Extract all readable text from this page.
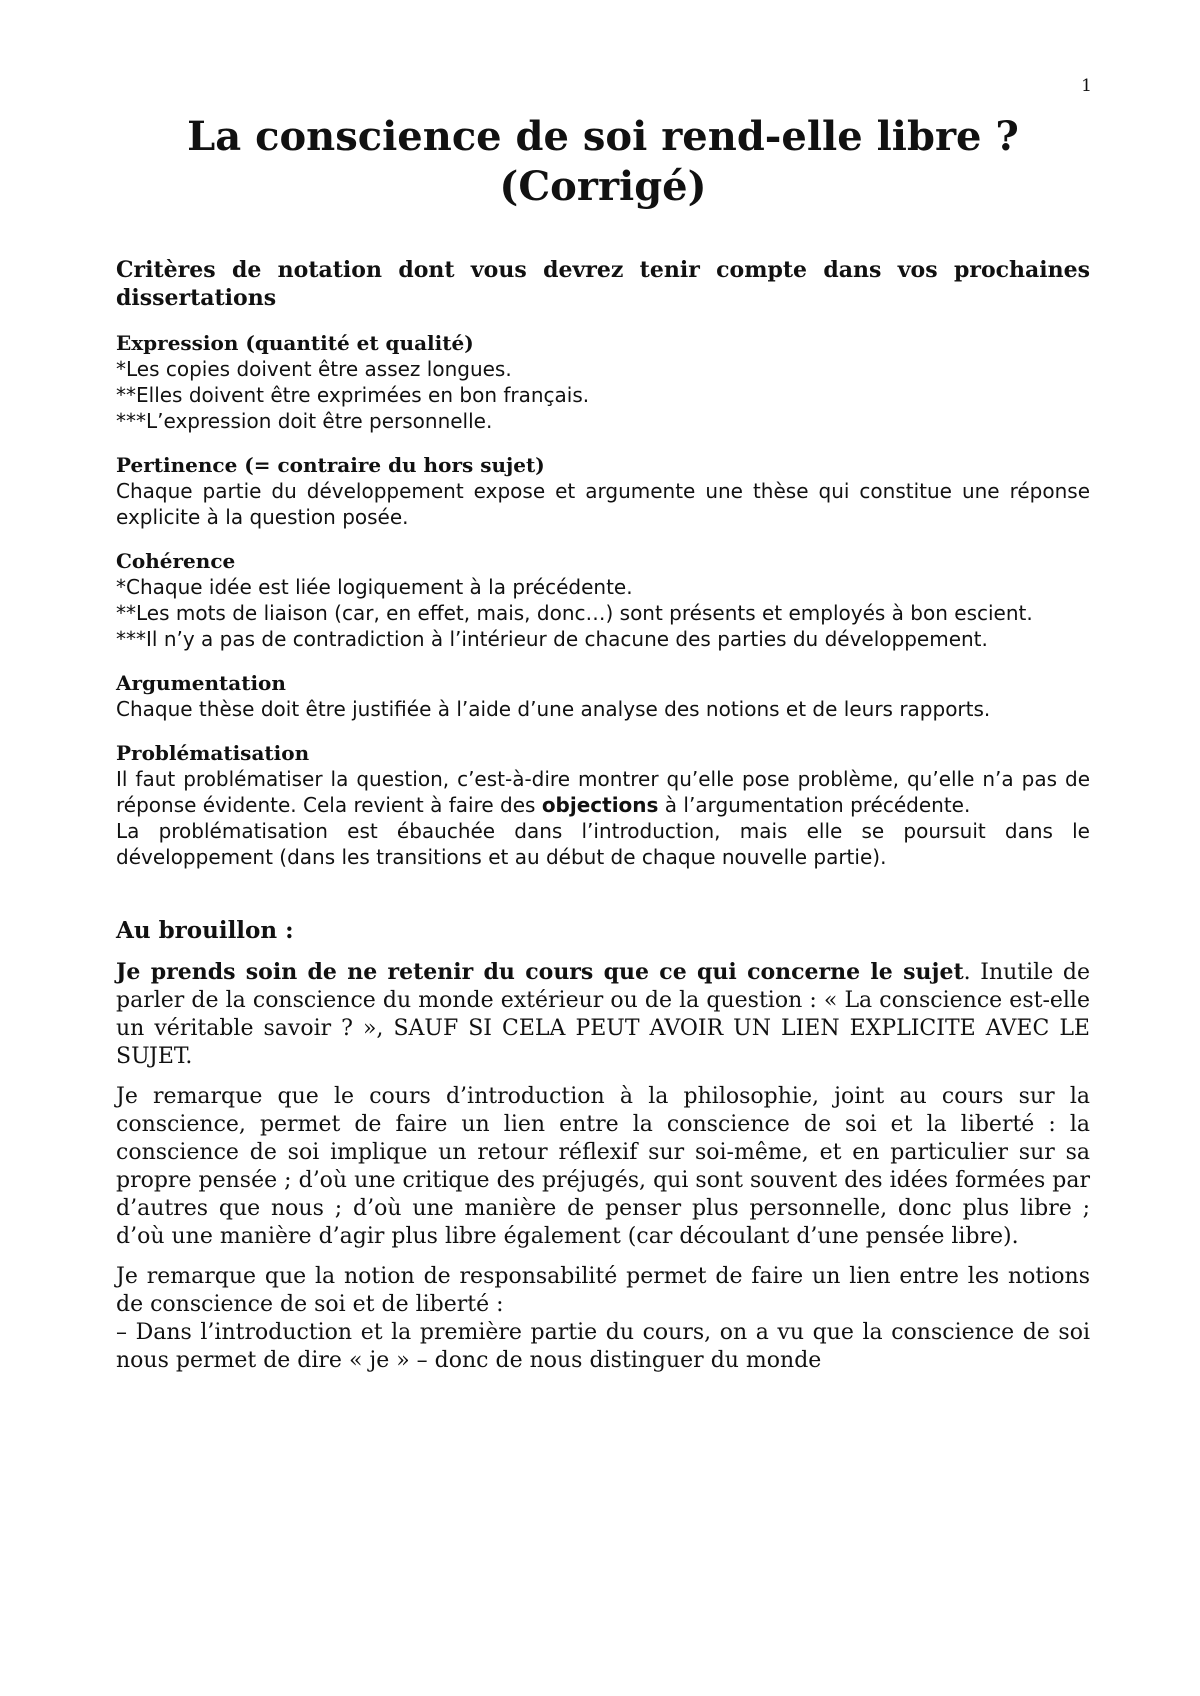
1
La conscience de soi rend-elle libre ?
(Corrigé)
Critères de notation dont vous devrez tenir compte dans vos prochaines dissertations
Expression (quantité et qualité)

*Les copies doivent être assez longues.

**Elles doivent être exprimées en bon français.

***L’expression doit être personnelle.

Pertinence (= contraire du hors sujet)

Chaque partie du développement expose et argumente une thèse qui constitue une réponse explicite à la question posée.

Cohérence

*Chaque idée est liée logiquement à la précédente.

**Les mots de liaison (car, en effet, mais, donc…) sont présents et employés à bon escient.

***Il n’y a pas de contradiction à l’intérieur de chacune des parties du développement.

Argumentation

Chaque thèse doit être justifiée à l’aide d’une analyse des notions et de leurs rapports.

Problématisation

Il faut problématiser la question, c’est-à-dire montrer qu’elle pose problème, qu’elle n’a pas de réponse évidente. Cela revient à faire des objections à l’argumentation précédente.

La problématisation est ébauchée dans l’introduction, mais elle se poursuit dans le développement (dans les transitions et au début de chaque nouvelle partie).

Au brouillon :

Je prends soin de ne retenir du cours que ce qui concerne le sujet. Inutile de parler de la conscience du monde extérieur ou de la question : « La conscience est-elle un véritable savoir ? », SAUF SI CELA PEUT AVOIR UN LIEN EXPLICITE AVEC LE SUJET.

Je remarque que le cours d’introduction à la philosophie, joint au cours sur la conscience, permet de faire un lien entre la conscience de soi et la liberté : la conscience de soi implique un retour réflexif sur soi-même, et en particulier sur sa propre pensée ; d’où une critique des préjugés, qui sont souvent des idées formées par d’autres que nous ; d’où une manière de penser plus personnelle, donc plus libre ; d’où une manière d’agir plus libre également (car découlant d’une pensée libre).

Je remarque que la notion de responsabilité permet de faire un lien entre les notions de conscience de soi et de liberté :

– Dans l’introduction et la première partie du cours, on a vu que la conscience de soi nous permet de dire « je » – donc de nous distinguer du monde
